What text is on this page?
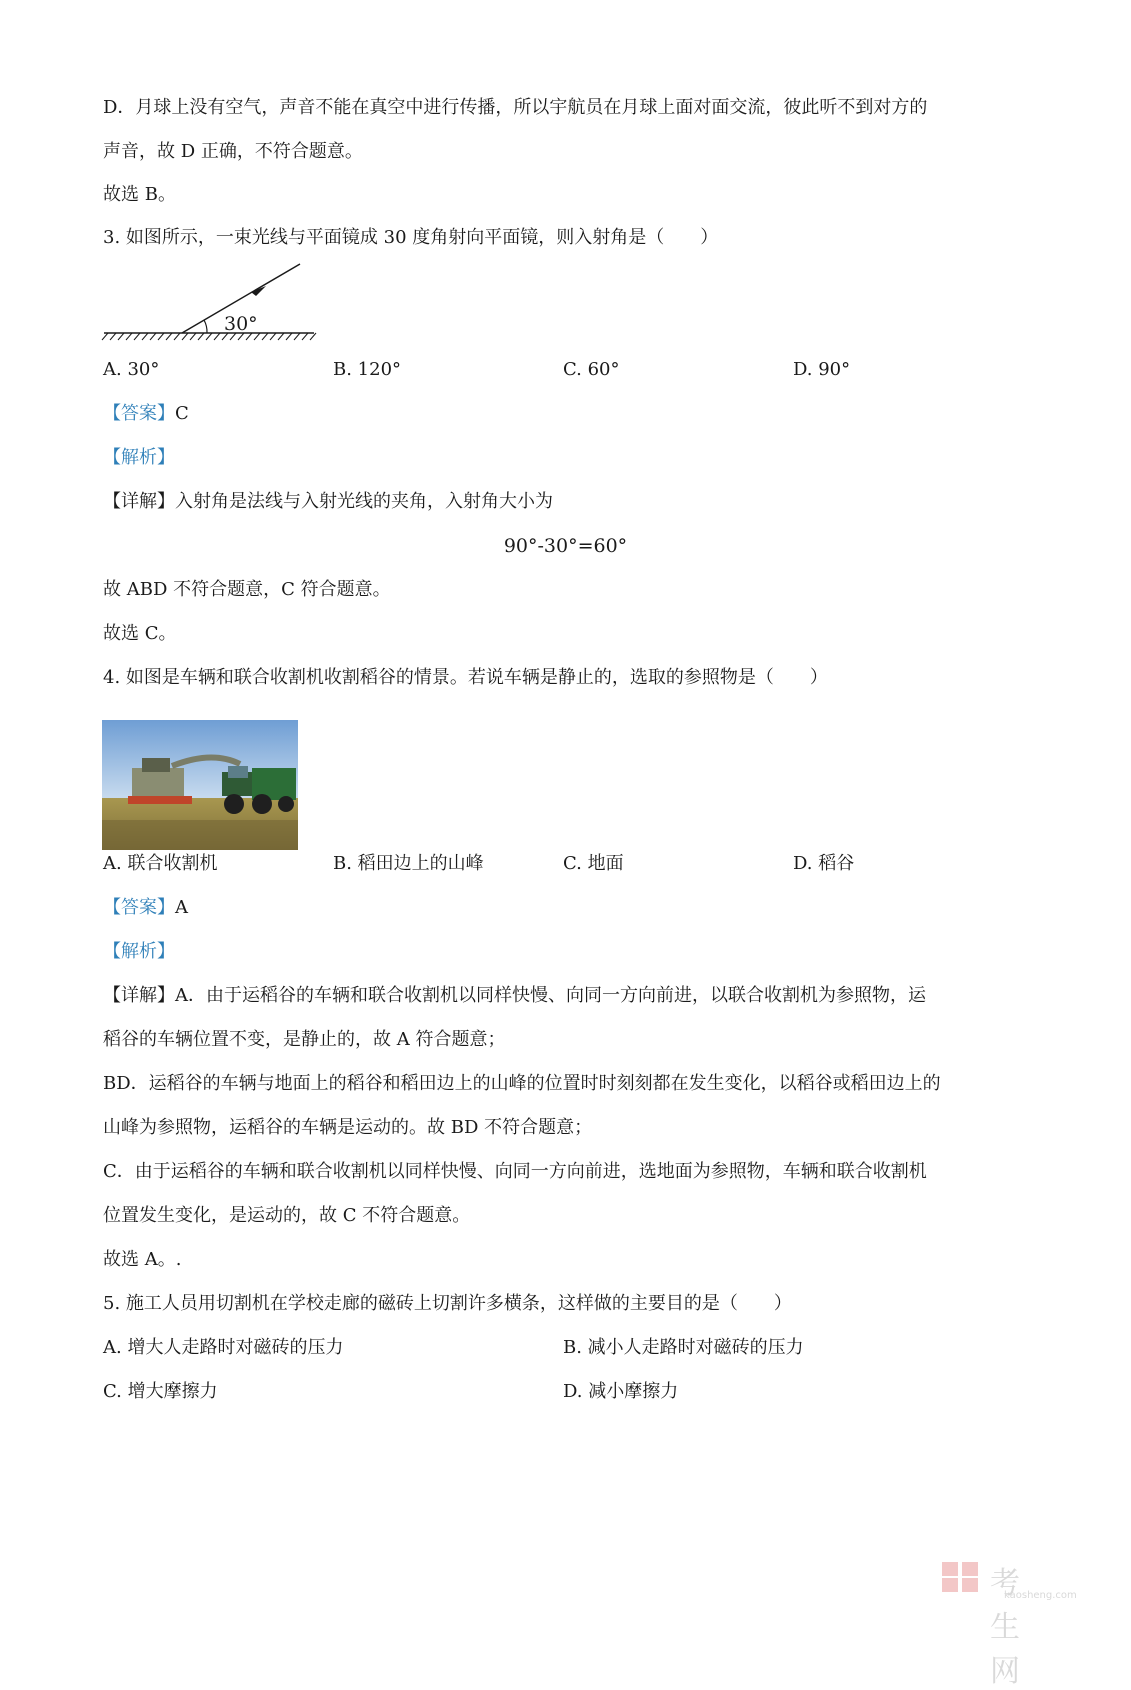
D．月球上没有空气，声音不能在真空中进行传播，所以宇航员在月球上面对面交流，彼此听不到对方的
声音，故 D 正确，不符合题意。
故选 B。
3. 如图所示，一束光线与平面镜成 30 度角射向平面镜，则入射角是（　　）
30°
A. 30°	B. 120°	C. 60°	D. 90°
【答案】C
【解析】
【详解】入射角是法线与入射光线的夹角，入射角大小为
90°-30°=60°
故 ABD 不符合题意，C 符合题意。
故选 C。
4. 如图是车辆和联合收割机收割稻谷的情景。若说车辆是静止的，选取的参照物是（　　）
A. 联合收割机	B. 稻田边上的山峰	C. 地面	D. 稻谷
【答案】A
【解析】
【详解】A．由于运稻谷的车辆和联合收割机以同样快慢、向同一方向前进，以联合收割机为参照物，运
稻谷的车辆位置不变，是静止的，故 A 符合题意；
BD．运稻谷的车辆与地面上的稻谷和稻田边上的山峰的位置时时刻刻都在发生变化，以稻谷或稻田边上的
山峰为参照物，运稻谷的车辆是运动的。故 BD 不符合题意；
C．由于运稻谷的车辆和联合收割机以同样快慢、向同一方向前进，选地面为参照物，车辆和联合收割机
位置发生变化，是运动的，故 C 不符合题意。
故选 A。.
5. 施工人员用切割机在学校走廊的磁砖上切割许多横条，这样做的主要目的是（　　）
A. 增大人走路时对磁砖的压力	B. 减小人走路时对磁砖的压力
C. 增大摩擦力	D. 减小摩擦力
考生网
kaosheng.com
